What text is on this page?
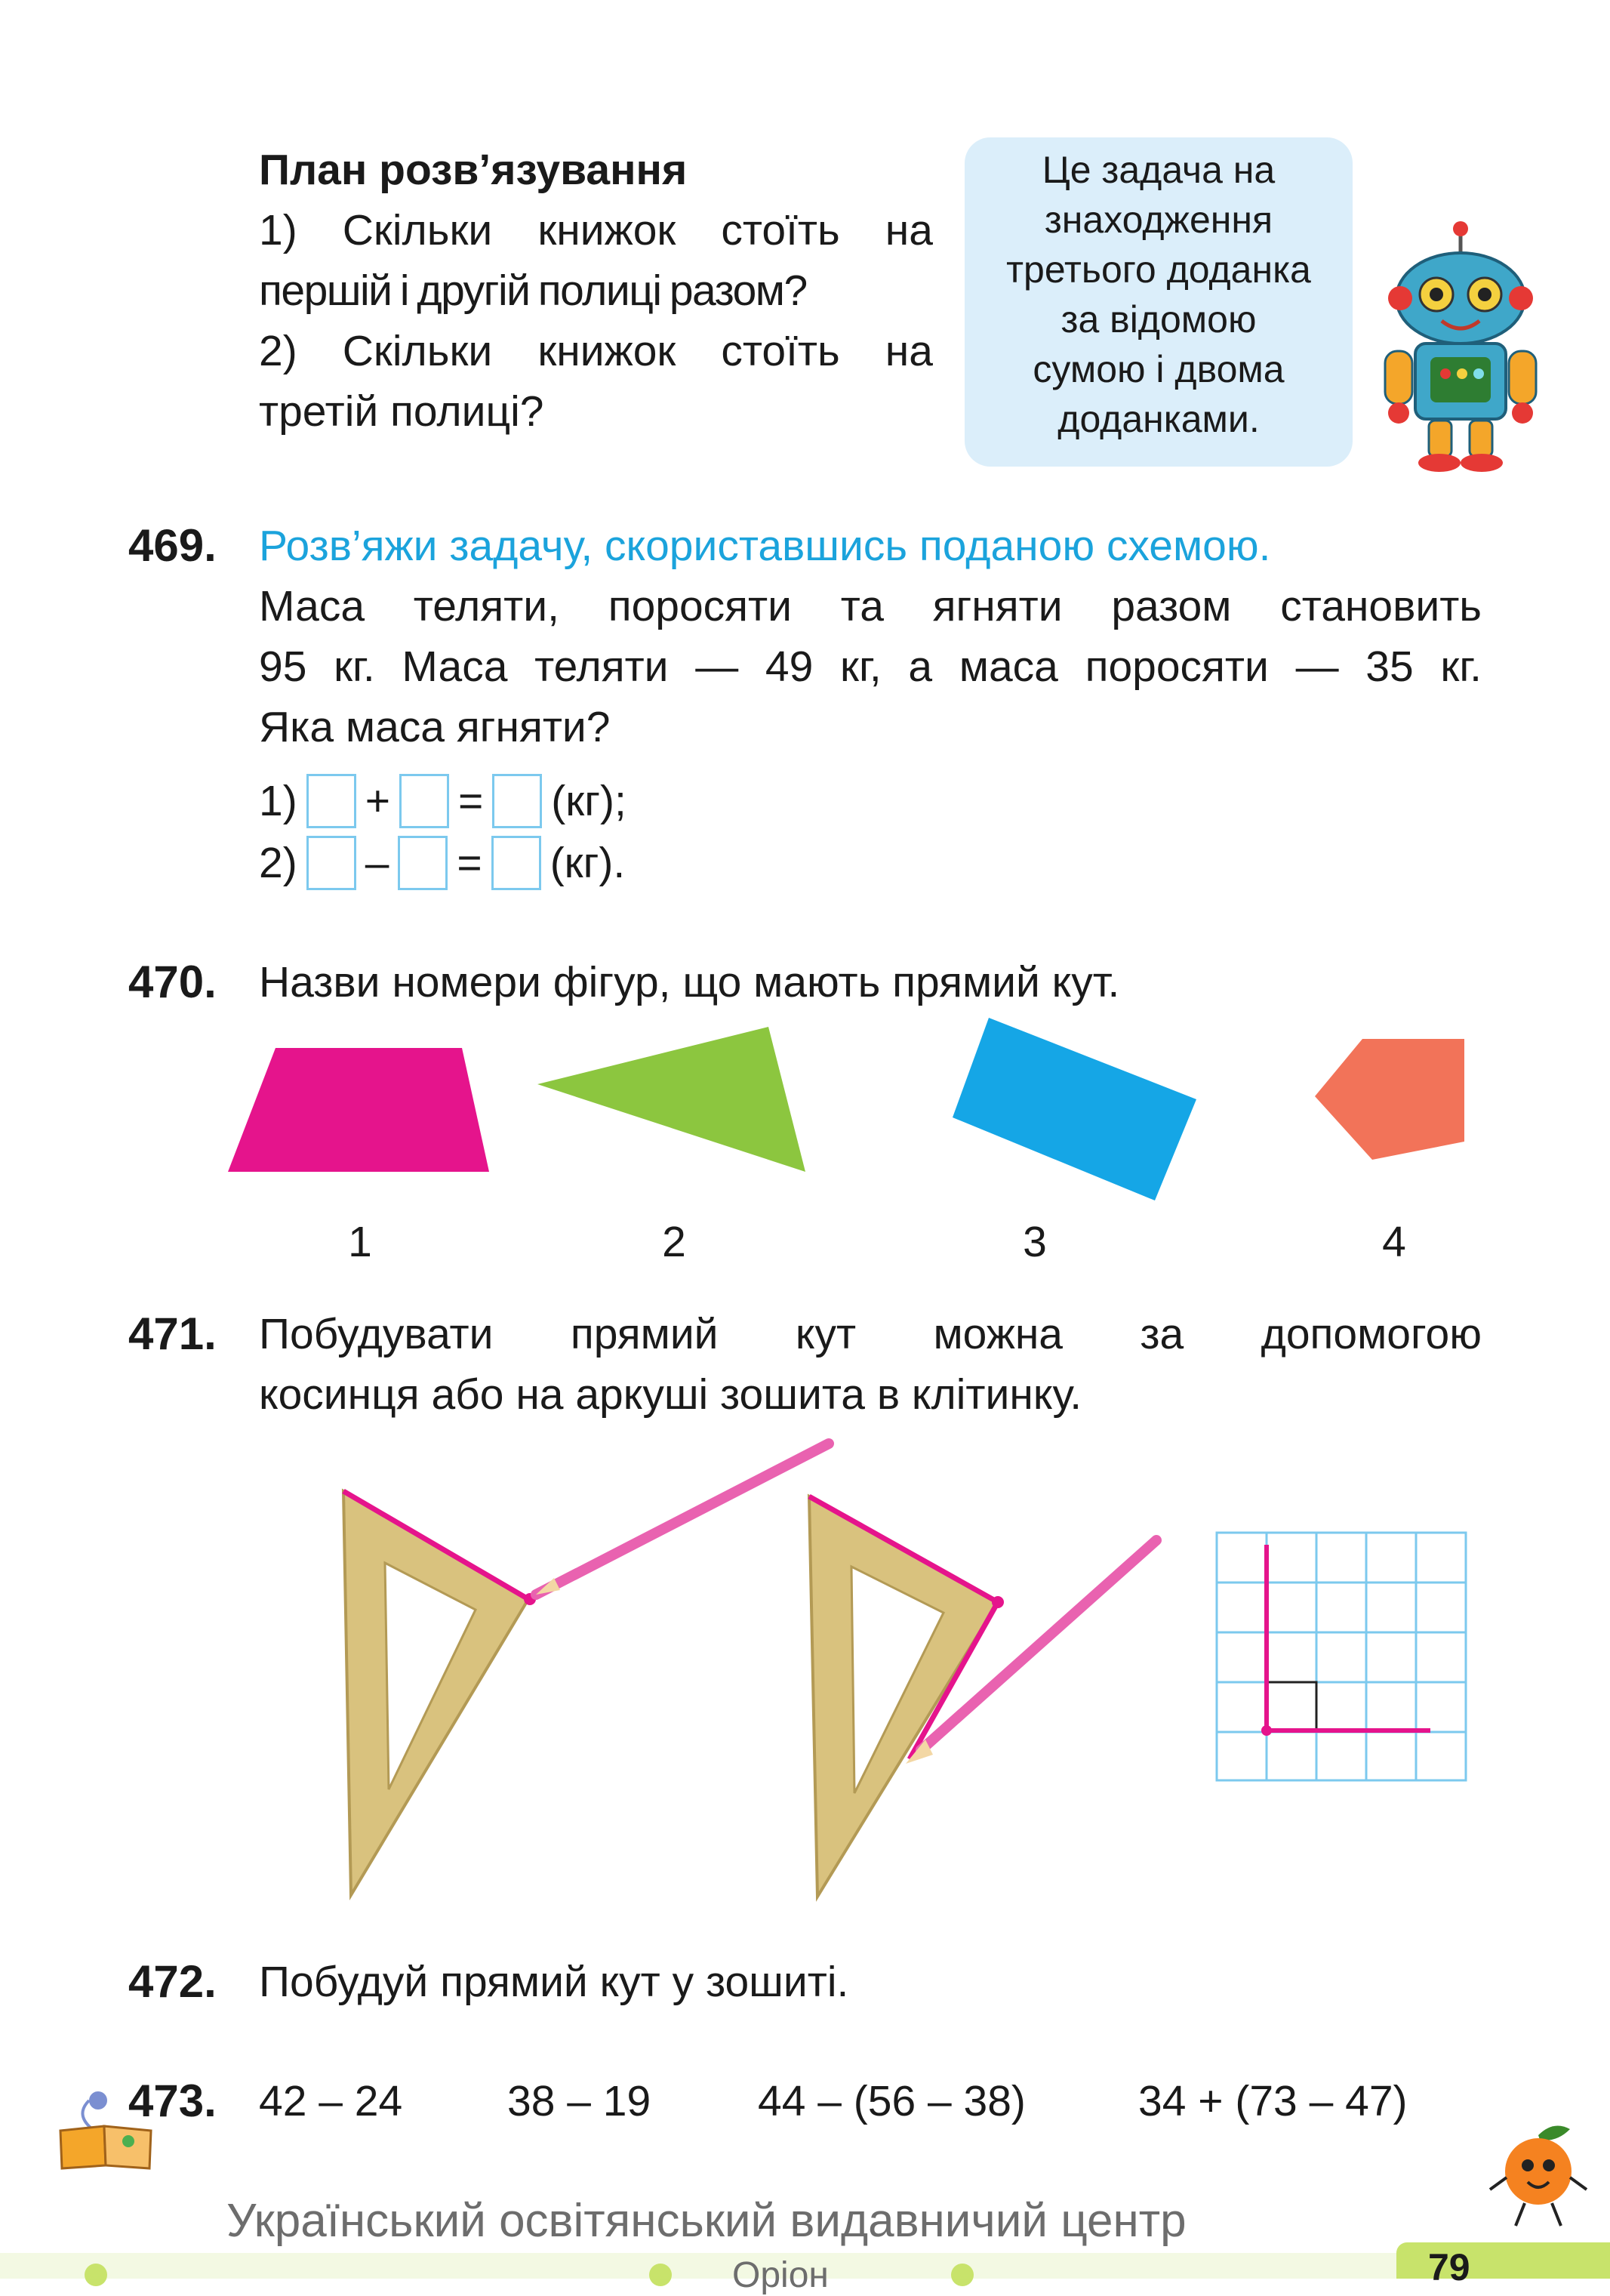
План розв’язування
1) Скільки книжок стоїть на
першій і другій полиці разом?
2) Скільки книжок стоїть на
третій полиці?
Це задача на
знаходження
третього доданка
за відомою
сумою і двома
доданками.
469. Розв’яжи задачу, скориставшись поданою схемою.
Маса теляти, поросяти та ягняти разом становить
95 кг. Маса теляти — 49 кг, а маса поросяти — 35 кг.
Яка маса ягняти?
1) + = (кг);
2) – = (кг).
470. Назви номери фігур, що мають прямий кут.
1	2	3	4
471. Побудувати прямий кут можна за допомогою
косинця або на аркуші зошита в клітинку.
472. Побудуй прямий кут у зошиті.
473. 42 – 24 38 – 19 44 – (56 – 38)	34 + (73 – 47)
Український освітянський видавничий центр
Оріон	79
